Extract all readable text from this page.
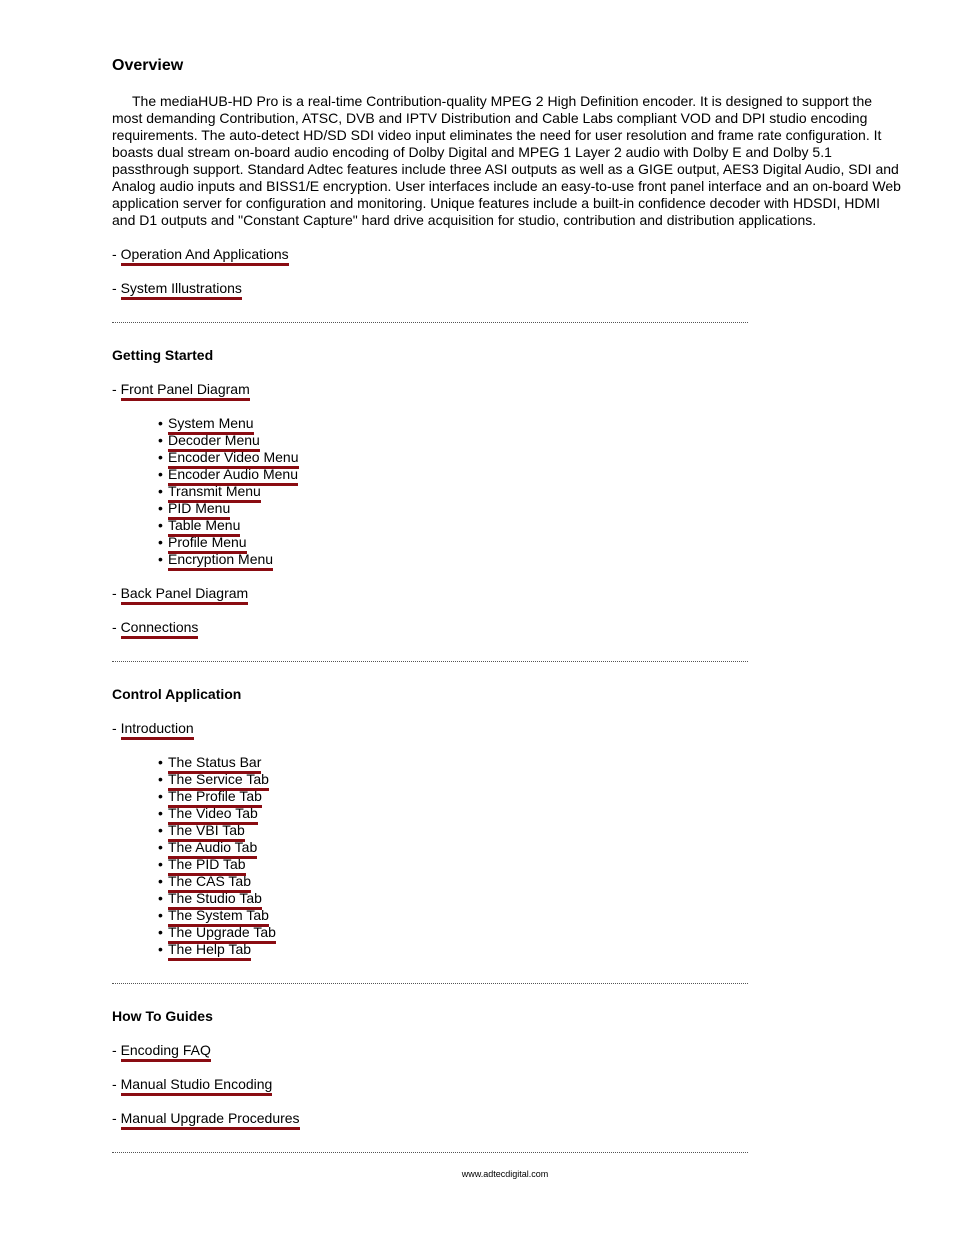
Overview

The mediaHUB-HD Pro is a real-time Contribution-quality MPEG 2 High Definition encoder. It is designed to support the most demanding Contribution, ATSC, DVB and IPTV Distribution and Cable Labs compliant VOD and DPI studio encoding requirements. The auto-detect HD/SD SDI video input eliminates the need for user resolution and frame rate configuration. It boasts dual stream on-board audio encoding of Dolby Digital and MPEG 1 Layer 2 audio with Dolby E and Dolby 5.1 passthrough support. Standard Adtec features include three ASI outputs as well as a GIGE output, AES3 Digital Audio, SDI and Analog audio inputs and BISS1/E encryption. User interfaces include an easy-to-use front panel interface and an on-board Web application server for configuration and monitoring. Unique features include a built-in confidence decoder with HDSDI, HDMI and D1 outputs and "Constant Capture" hard drive acquisition for studio, contribution and distribution applications.

- Operation And Applications
- System Illustrations
Getting Started
- Front Panel Diagram
• System Menu
• Decoder Menu
• Encoder Video Menu
• Encoder Audio Menu
• Transmit Menu
• PID Menu
• Table Menu
• Profile Menu
• Encryption Menu
- Back Panel Diagram
- Connections
Control Application
- Introduction
• The Status Bar
• The Service Tab
• The Profile Tab
• The Video Tab
• The VBI Tab
• The Audio Tab
• The PID Tab
• The CAS Tab
• The Studio Tab
• The System Tab
• The Upgrade Tab
• The Help Tab
How To Guides
- Encoding FAQ
- Manual Studio Encoding
- Manual Upgrade Procedures
www.adtecdigital.com
